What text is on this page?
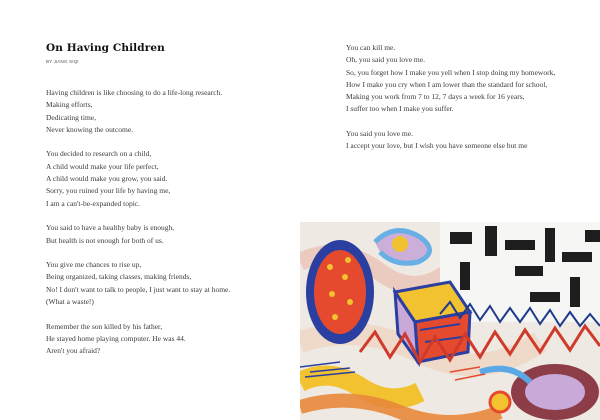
On Having Children
BY JIANG SIQI
Having children is like choosing to do a life-long research.
Making efforts,
Dedicating time,
Never knowing the outcome.
You decided to research on a child,
A child would make your life perfect,
A child would make you grow, you said.
Sorry, you ruined your life by having me,
I am a can't-be-expanded topic.
You said to have a healthy baby is enough,
But health is not enough for both of us.
You give me chances to rise up,
Being organized, taking classes, making friends,
No! I don't want to talk to people, I just want to stay at home.
(What a waste!)
Remember the son killed by his father,
He stayed home playing computer. He was 44.
Aren't you afraid?
You can kill me.
Oh, you said you love me.
So, you forget how I make you yell when I stop doing my homework,
How I make you cry when I am lower than the standard for school,
Making you work from 7 to 12, 7 days a week for 16 years,
I suffer too when I make you suffer.
You said you love me.
I accept your love, but I wish you have someone else but me
